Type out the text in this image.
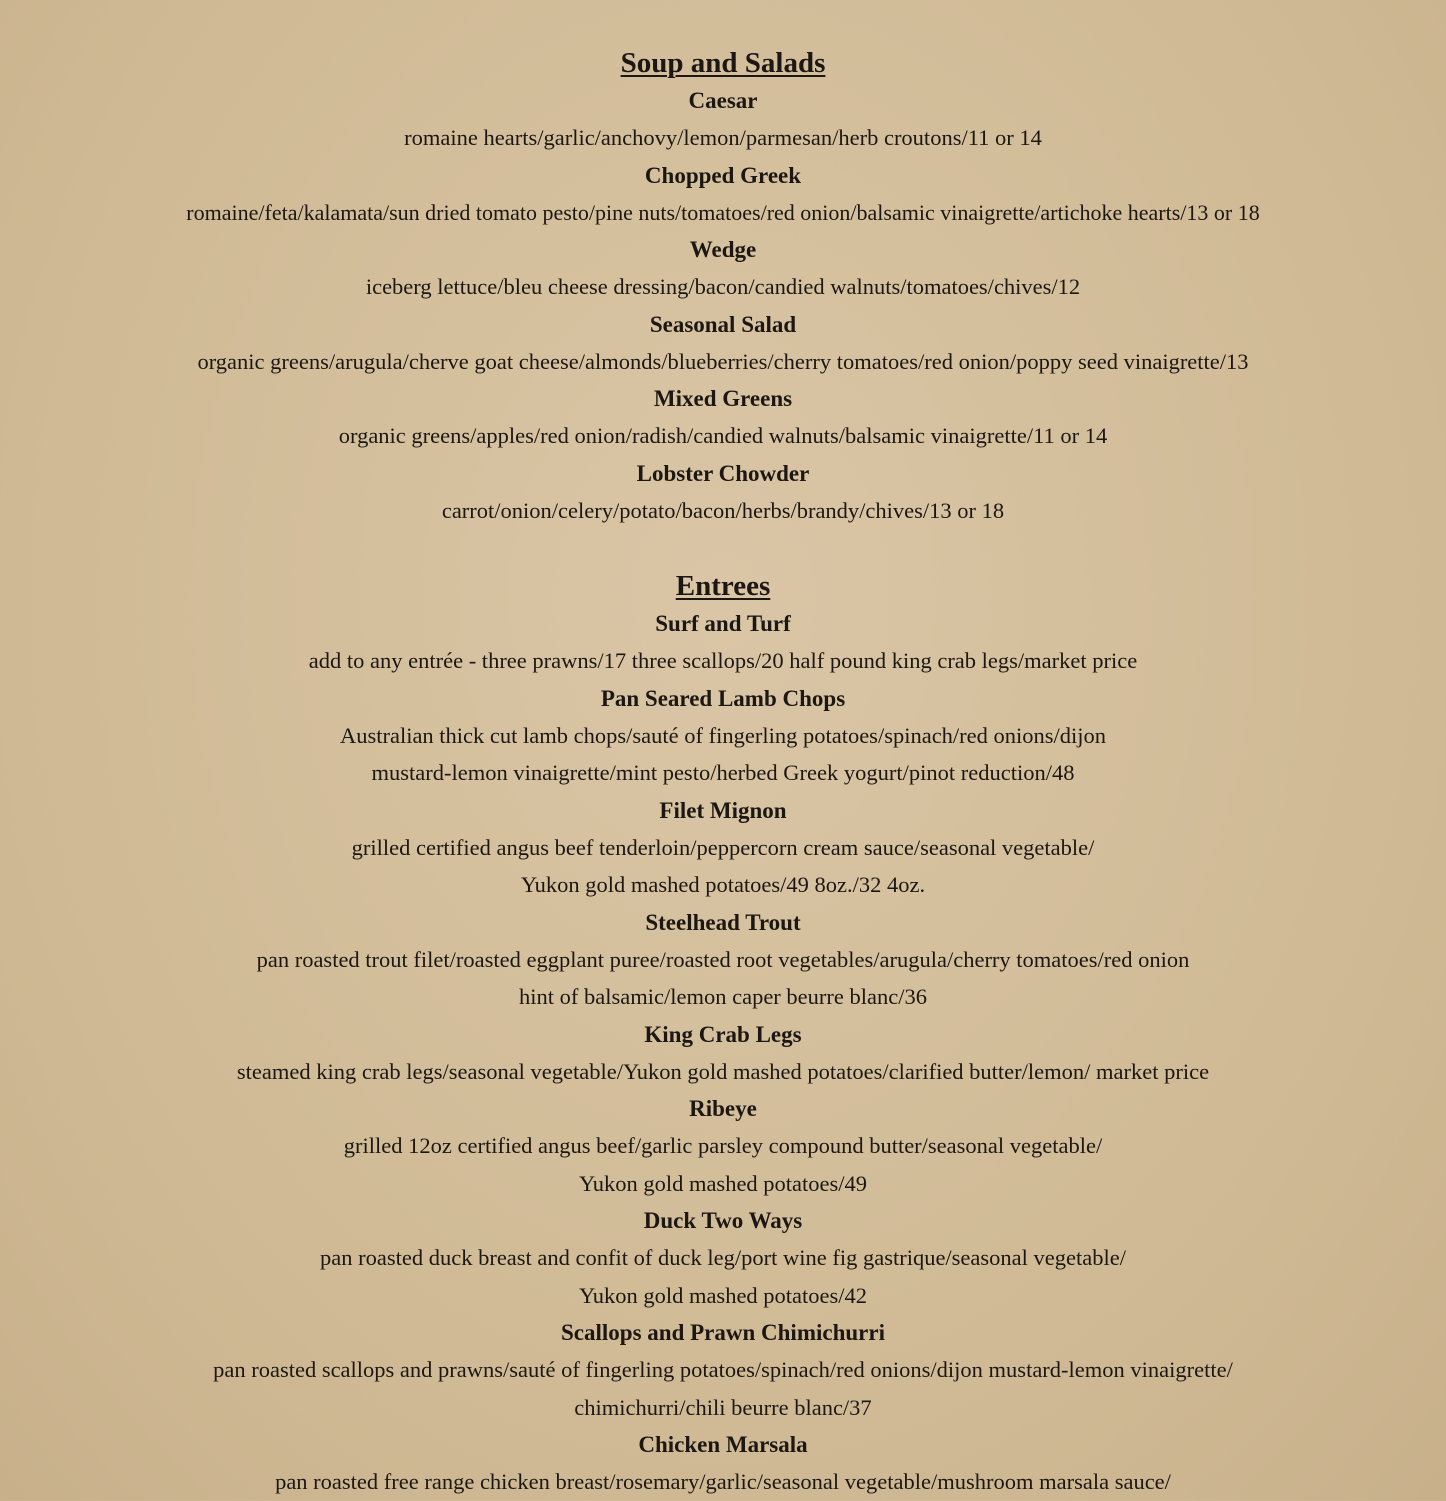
Soup and Salads
Caesar
romaine hearts/garlic/anchovy/lemon/parmesan/herb croutons/11 or 14
Chopped Greek
romaine/feta/kalamata/sun dried tomato pesto/pine nuts/tomatoes/red onion/balsamic vinaigrette/artichoke hearts/13 or 18
Wedge
iceberg lettuce/bleu cheese dressing/bacon/candied walnuts/tomatoes/chives/12
Seasonal Salad
organic greens/arugula/cherve goat cheese/almonds/blueberries/cherry tomatoes/red onion/poppy seed vinaigrette/13
Mixed Greens
organic greens/apples/red onion/radish/candied walnuts/balsamic vinaigrette/11 or 14
Lobster Chowder
carrot/onion/celery/potato/bacon/herbs/brandy/chives/13 or 18
Entrees
Surf and Turf
add to any entrée - three prawns/17 three scallops/20 half pound king crab legs/market price
Pan Seared Lamb Chops
Australian thick cut lamb chops/sauté of fingerling potatoes/spinach/red onions/dijon
mustard-lemon vinaigrette/mint pesto/herbed Greek yogurt/pinot reduction/48
Filet Mignon
grilled certified angus beef tenderloin/peppercorn cream sauce/seasonal vegetable/
Yukon gold mashed potatoes/49 8oz./32 4oz.
Steelhead Trout
pan roasted trout filet/roasted eggplant puree/roasted root vegetables/arugula/cherry tomatoes/red onion
hint of balsamic/lemon caper beurre blanc/36
King Crab Legs
steamed king crab legs/seasonal vegetable/Yukon gold mashed potatoes/clarified butter/lemon/ market price
Ribeye
grilled 12oz certified angus beef/garlic parsley compound butter/seasonal vegetable/
Yukon gold mashed potatoes/49
Duck Two Ways
pan roasted duck breast and confit of duck leg/port wine fig gastrique/seasonal vegetable/
Yukon gold mashed potatoes/42
Scallops and Prawn Chimichurri
pan roasted scallops and prawns/sauté of fingerling potatoes/spinach/red onions/dijon mustard-lemon vinaigrette/
chimichurri/chili beurre blanc/37
Chicken Marsala
pan roasted free range chicken breast/rosemary/garlic/seasonal vegetable/mushroom marsala sauce/
